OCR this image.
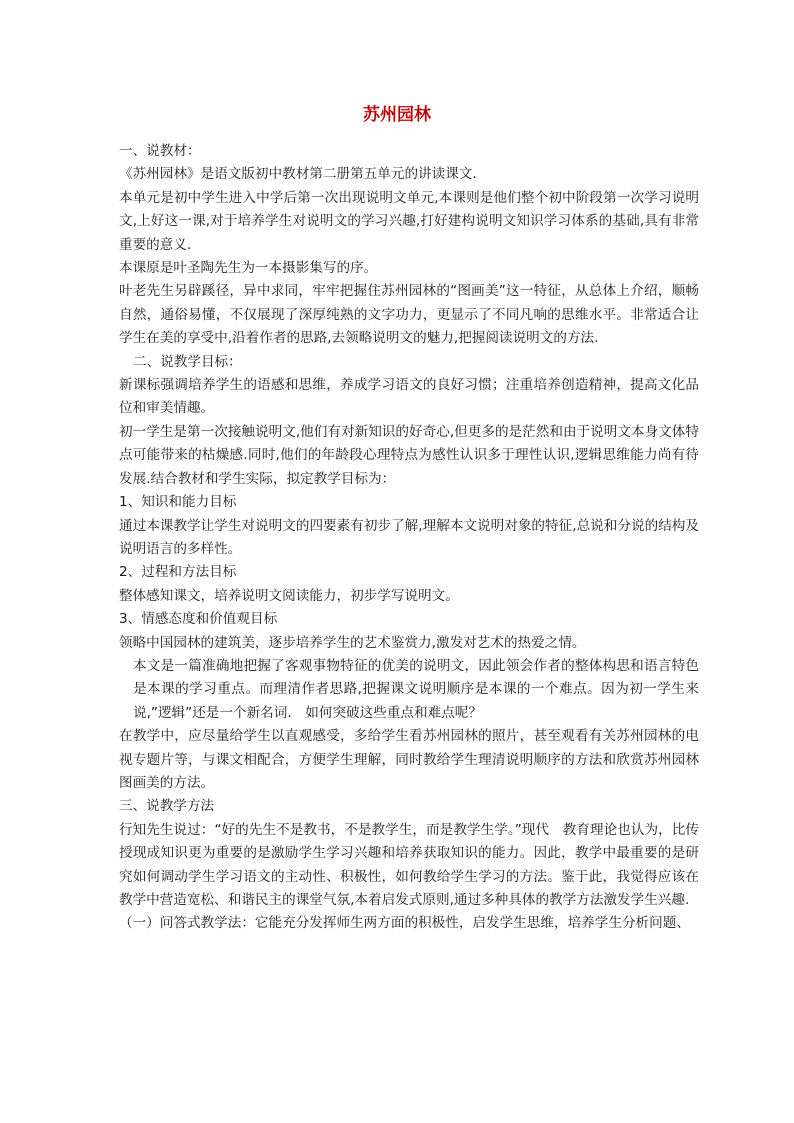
苏州园林

一、说教材：

《苏州园林》是语文版初中教材第二册第五单元的讲读课文.

本单元是初中学生进入中学后第一次出现说明文单元,本课则是他们整个初中阶段第一次学习说明文,上好这一课,对于培养学生对说明文的学习兴趣,打好建构说明文知识学习体系的基础,具有非常重要的意义.

本课原是叶圣陶先生为一本摄影集写的序。

叶老先生另辟蹊径，异中求同，牢牢把握住苏州园林的“图画美”这一特征，从总体上介绍，顺畅自然，通俗易懂，不仅展现了深厚纯熟的文字功力，更显示了不同凡响的思维水平。非常适合让学生在美的享受中,沿着作者的思路,去领略说明文的魅力,把握阅读说明文的方法.

二、说教学目标：

新课标强调培养学生的语感和思维，养成学习语文的良好习惯；注重培养创造精神，提高文化品位和审美情趣。

初一学生是第一次接触说明文,他们有对新知识的好奇心,但更多的是茫然和由于说明文本身文体特点可能带来的枯燥感.同时,他们的年龄段心理特点为感性认识多于理性认识,逻辑思维能力尚有待发展.结合教材和学生实际，拟定教学目标为：

1、知识和能力目标

通过本课教学让学生对说明文的四要素有初步了解,理解本文说明对象的特征,总说和分说的结构及说明语言的多样性。

2、过程和方法目标

整体感知课文，培养说明文阅读能力，初步学写说明文。

3、情感态度和价值观目标

领略中国园林的建筑美，逐步培养学生的艺术鉴赏力,激发对艺术的热爱之情。

本文是一篇准确地把握了客观事物特征的优美的说明文，因此领会作者的整体构思和语言特色是本课的学习重点。而理清作者思路,把握课文说明顺序是本课的一个难点。因为初一学生来说,”逻辑”还是一个新名词.　如何突破这些重点和难点呢？

在教学中，应尽量给学生以直观感受，多给学生看苏州园林的照片，甚至观看有关苏州园林的电视专题片等，与课文相配合，方便学生理解，同时教给学生理清说明顺序的方法和欣赏苏州园林图画美的方法。

三、说教学方法

行知先生说过：“好的先生不是教书，不是教学生，而是教学生学。”现代　教育理论也认为，比传授现成知识更为重要的是激励学生学习兴趣和培养获取知识的能力。因此，教学中最重要的是研究如何调动学生学习语文的主动性、积极性，如何教给学生学习的方法。鉴于此，我觉得应该在教学中营造宽松、和谐民主的课堂气氛,本着启发式原则,通过多种具体的教学方法激发学生兴趣.

（一）问答式教学法：它能充分发挥师生两方面的积极性，启发学生思维，培养学生分析问题、
